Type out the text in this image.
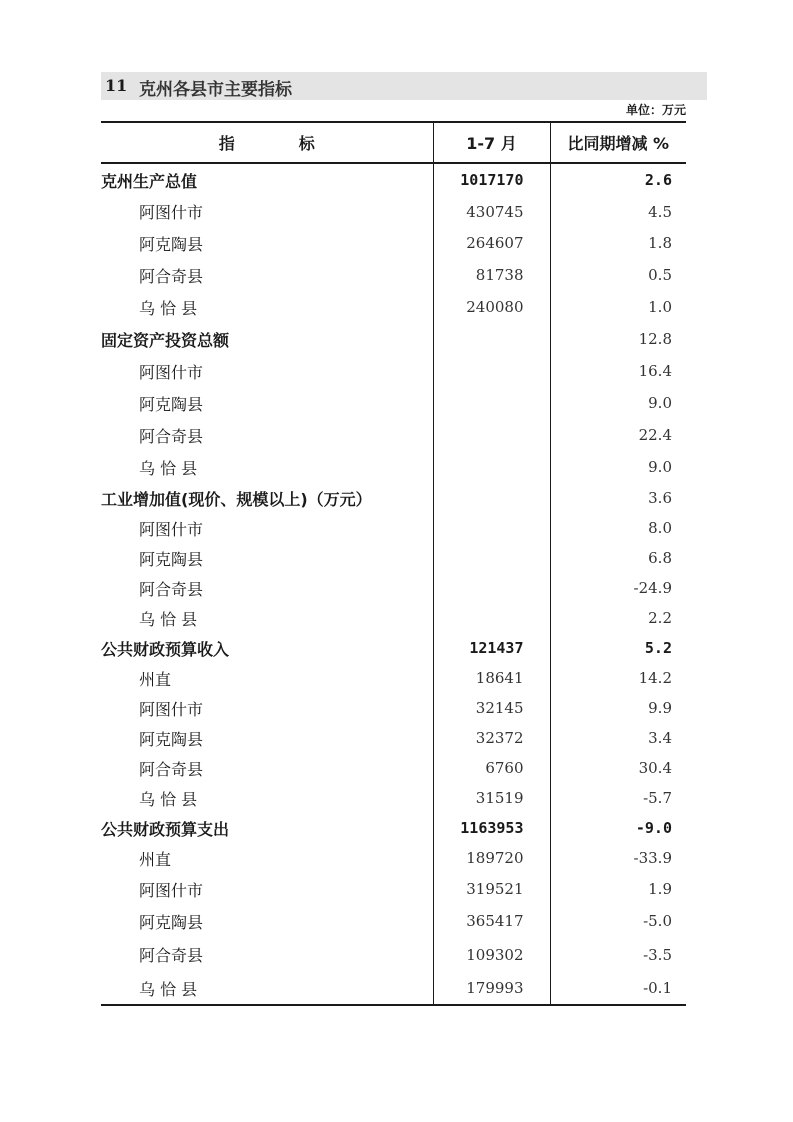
11 克州各县市主要指标
单位：万元
指　　　　标	1-7 月	比同期增减 %
克州生产总值	1017170	2.6
阿图什市	430745	4.5
阿克陶县	264607	1.8
阿合奇县	81738	0.5
乌 恰 县	240080	1.0
固定资产投资总额		12.8
阿图什市		16.4
阿克陶县		9.0
阿合奇县		22.4
乌 恰 县		9.0
工业增加值(现价、规模以上)（万元）		3.6
阿图什市		8.0
阿克陶县		6.8
阿合奇县		-24.9
乌 恰 县		2.2
公共财政预算收入	121437	5.2
州直	18641	14.2
阿图什市	32145	9.9
阿克陶县	32372	3.4
阿合奇县	6760	30.4
乌 恰 县	31519	-5.7
公共财政预算支出	1163953	-9.0
州直	189720	-33.9
阿图什市	319521	1.9
阿克陶县	365417	-5.0
阿合奇县	109302	-3.5
乌 恰 县	179993	-0.1
